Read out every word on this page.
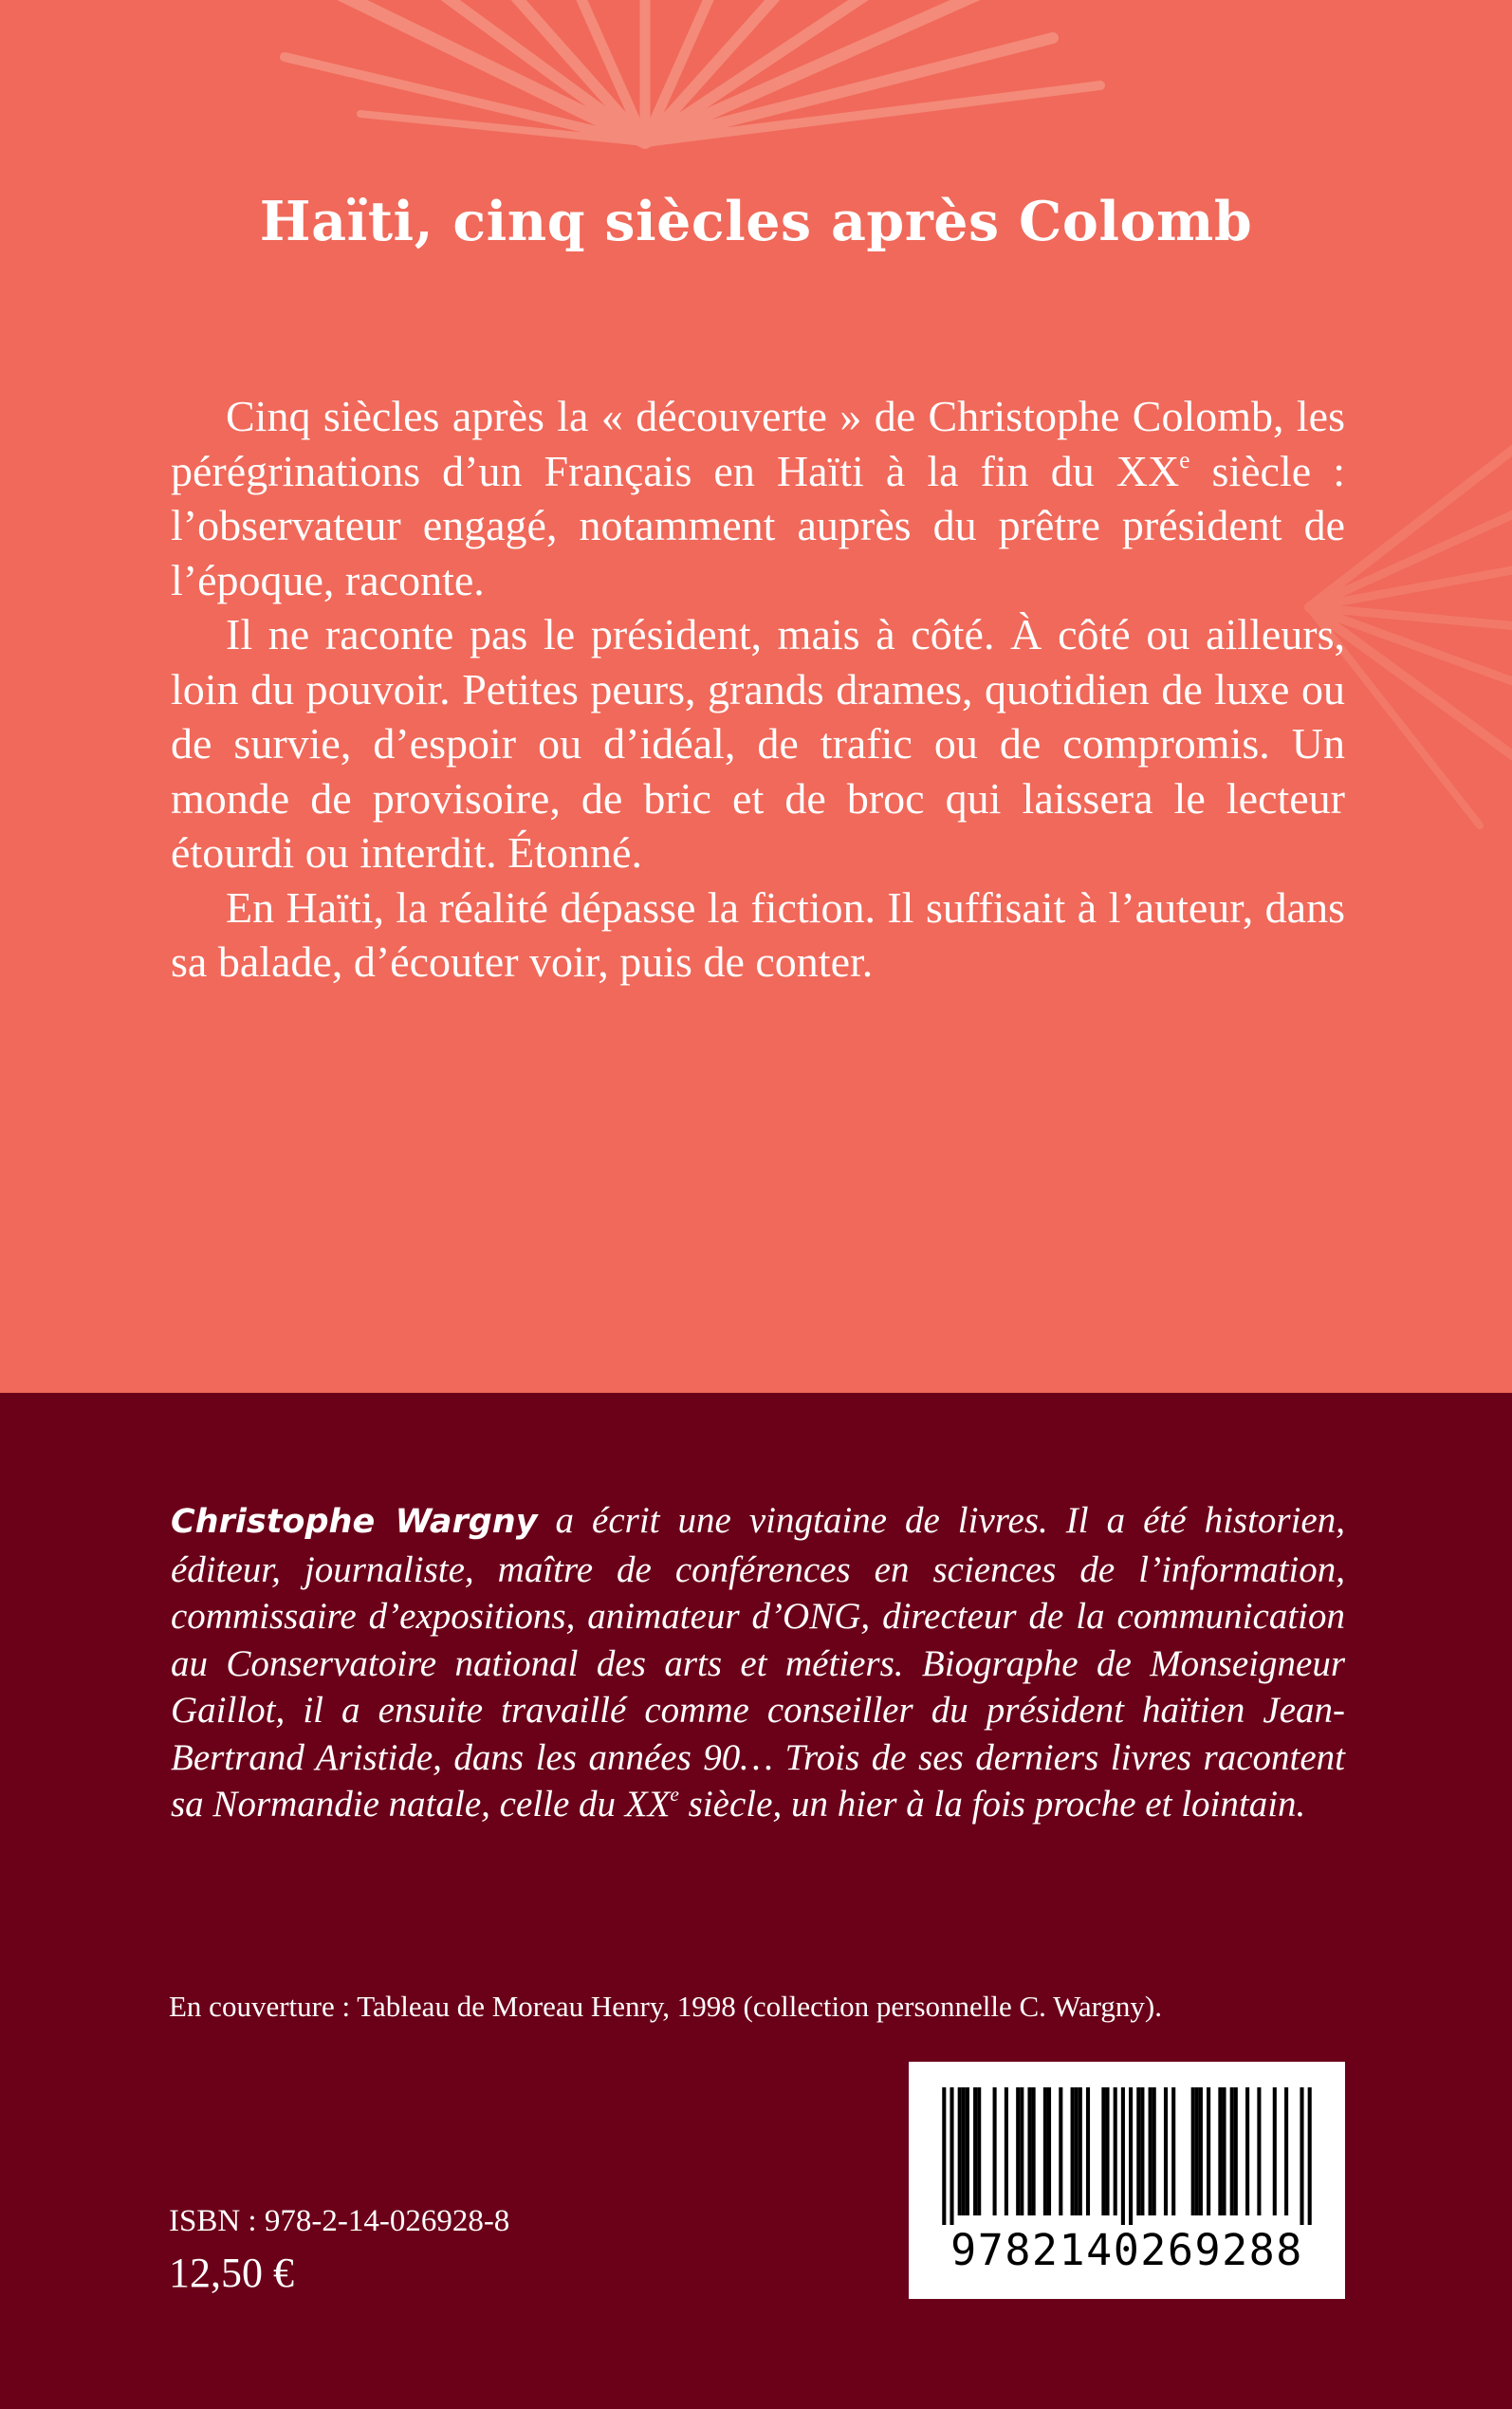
Haïti, cinq siècles après Colomb

Cinq siècles après la « découverte » de Christophe Colomb, les pérégrinations d’un Français en Haïti à la fin du XXe siècle : l’observateur engagé, notamment auprès du prêtre président de l’époque, raconte.

Il ne raconte pas le président, mais à côté. À côté ou ailleurs, loin du pouvoir. Petites peurs, grands drames, quotidien de luxe ou de survie, d’espoir ou d’idéal, de trafic ou de compromis. Un monde de provisoire, de bric et de broc qui laissera le lecteur étourdi ou interdit. Étonné.

En Haïti, la réalité dépasse la fiction. Il suffisait à l’auteur, dans sa balade, d’écouter voir, puis de conter.

Christophe Wargny a écrit une vingtaine de livres. Il a été historien, éditeur, journaliste, maître de conférences en sciences de l’information, commissaire d’expositions, animateur d’ONG, directeur de la communication au Conservatoire national des arts et métiers. Biographe de Monseigneur Gaillot, il a ensuite travaillé comme conseiller du président haïtien Jean-Bertrand Aristide, dans les années 90… Trois de ses derniers livres racontent sa Normandie natale, celle du XXe siècle, un hier à la fois proche et lointain.

En couverture : Tableau de Moreau Henry, 1998 (collection personnelle C. Wargny).
9782140269288
ISBN : 978-2-14-026928-8
12,50 €
